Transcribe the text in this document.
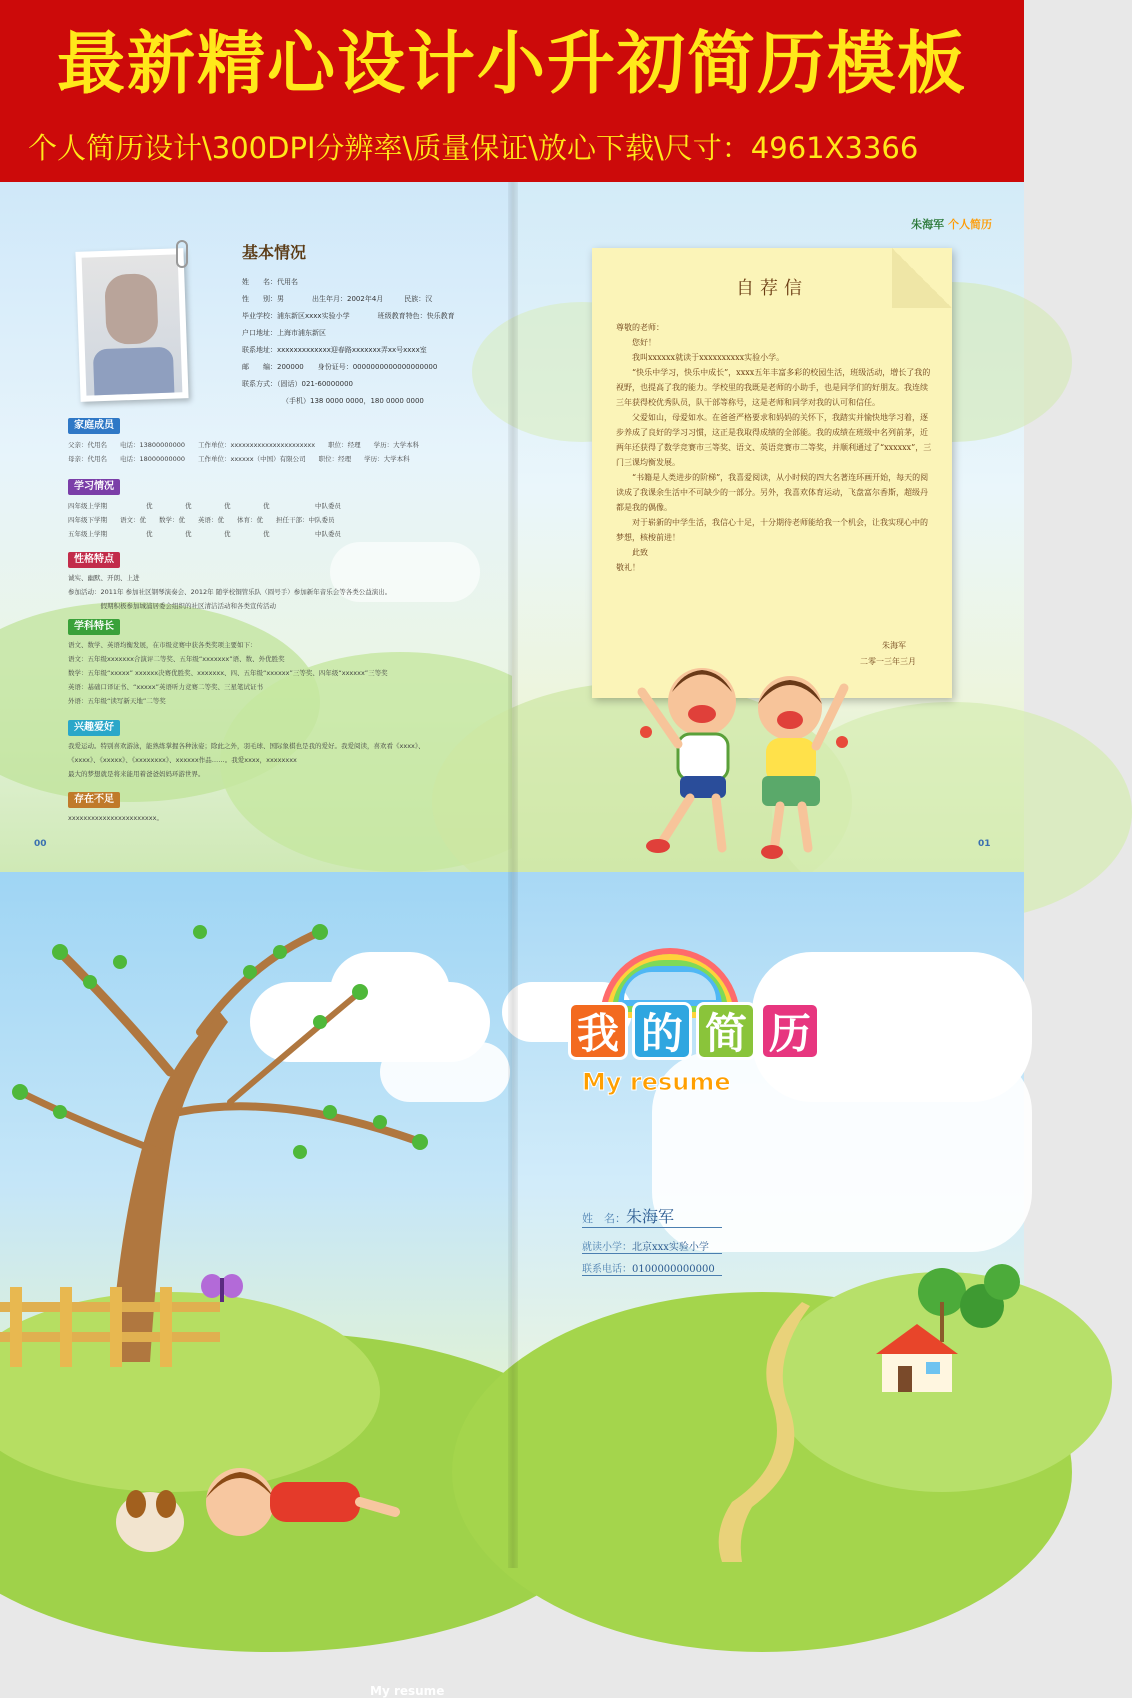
最新精心设计小升初简历模板
个人简历设计\300DPI分辨率\质量保证\放心下载\尺寸：4961X3366
基本情况
姓　　名：代用名
性　　别：男　　　　出生年月：2002年4月　　　民族：汉
毕业学校：浦东新区xxxx实验小学　　　　班级教育特色：快乐教育
户口地址：上海市浦东新区
联系地址：xxxxxxxxxxxxx迎春路xxxxxxx弄xx号xxxx室
邮　　编：200000　　身份证号：0000000000000000000
联系方式：（固话）021-60000000
（手机）138 0000 0000，180 0000 0000
家庭成员
父亲：代用名　　电话：13800000000　　工作单位：xxxxxxxxxxxxxxxxxxxxxx　　职位：经理　　学历：大学本科
母亲：代用名　　电话：18000000000　　工作单位：xxxxxx（中国）有限公司　　职位：经理　　学历：大学本科
学习情况
四年级上学期　　　　　　优　　　　　优　　　　　优　　　　　优　　　　　　　中队委员
四年级下学期　　语文：优　　数学：优　　英语：优　　体育：优　　担任干部：中队委员
五年级上学期　　　　　　优　　　　　优　　　　　优　　　　　优　　　　　　　中队委员
性格特点
诚实、幽默、开朗、上进
参加活动：2011年 参加社区钢琴演奏会、2012年 随学校铜管乐队（圆号手）参加新年音乐会等各类公益演出。
　　　　　假期积极参加城浦居委会组织的社区清洁活动和各类宣传活动
学科特长
语文、数学、英语均衡发展，在市级竞赛中获各类奖项主要如下：
语文：五年级xxxxxxx合演评二等奖、五年级“xxxxxxx”语、数、外优胜奖
数学：五年级“xxxxx” xxxxxx决赛优胜奖、xxxxxxx、四、五年级“xxxxxx”三等奖、四年级“xxxxxx”三等奖
英语：基础口译证书、“xxxxx”英语听力竞赛二等奖、三星笔试证书
外语：五年级“读写新天地”二等奖
兴趣爱好
我爱运动。特别喜欢游泳，能熟练掌握各种泳姿；除此之外，羽毛球、国际象棋也是我的爱好。我爱阅读，喜欢看《xxxx》、
《xxxx》、《xxxxx》、《xxxxxxxx》、xxxxxx作品……。我爱xxxx，xxxxxxxx
最大的梦想就是将来能用着爸爸妈妈环游世界。
存在不足
xxxxxxxxxxxxxxxxxxxxxxx。
00
朱海军 个人简历
自荐信

尊敬的老师：

　　您好！

　　我叫xxxxxx就读于xxxxxxxxxx实验小学。

　　“快乐中学习，快乐中成长”，xxxx五年丰富多彩的校园生活，班级活动，增长了我的视野，也提高了我的能力。学校里的我既是老师的小助手，也是同学们的好朋友。我连续三年获得校优秀队员，队干部等称号，这是老师和同学对我的认可和信任。

　　父爱如山，母爱如水。在爸爸严格要求和妈妈的关怀下，我踏实并愉快地学习着，逐步养成了良好的学习习惯，这正是我取得成绩的全部能。我的成绩在班级中名列前茅，近两年还获得了数学竞赛市三等奖、语文、英语竞赛市二等奖，并顺利通过了“xxxxxx”，三门三课均衡发展。

　　“书籍是人类进步的阶梯”，我喜爱阅读，从小时候的四大名著连环画开始，每天的阅读成了我课余生活中不可缺少的一部分。另外，我喜欢体育运动，飞盘富尔香斯，超级丹都是我的偶像。

　　对于崭新的中学生活，我信心十足，十分期待老师能给我一个机会，让我实现心中的梦想，核梭前进！

　　此致

敬礼！

朱海军
二零一三年三月
01
My resume
我 的 简 历
My resume
姓　名：朱海军
就读小学：北京xxx实验小学
联系电话：0100000000000
